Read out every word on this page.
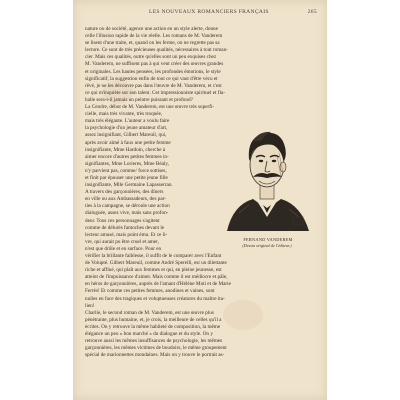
LES NOUVEAUX ROMANCIERS FRANÇAIS	265
nature ou de société, agence une action en un style alerte, donne
celle l'illusion rapide de la vie réelle. Les romans de M. Vanderem
se lisent d'une traite, et, quand on les ferme, on ne regrette pas sa
lecture. Ce sont de très précieuses qualités, nécessaires à tout roman-
cier. Mais ces qualités, outre qu'elles sont un peu exquises chez
M. Vanderem, ne suffisent pas à qui veut créer des œuvres grandes
et originales. Les hautes pensées, les profondes émotions, le style
significatif, la suggestion enfin de tout ce qui vaut d'être vécu et
rêvé, je ne les découvre pas dans l'œuvre de M. Vanderem, et c'est
ce qui m'inquiète sur son talent. Cet impressionniste spirituel et fla-
balle sera-t-il jamais un peintre puissant et profond?
La Cendre, début de M. Vanderem, est une œuvre très superfi-
cielle, mais très vivante, très troquée,
mais très élégante. L'auteur a voulu faire
la psychologie d'un jeune amateur d'art,
assez insignifiant, Gilbert Mareuil, qui,
après avoir aimé à faux une petite femme
insignifiante, Mme Hardoin, cherche à
aimer encore d'autres petites femmes in-
signifiantes, Mme Lorieres, Mme Béaly,
n'y parvient pas, comme/ force sottises,
et finit par épouser une petite jeune fille
insignifiante, Mlle Germaine Lapasserran.
A travers des garçonnières, des dîners
en ville ou aux Ambassadeurs, des par-
ties à la campagne, se déroule une action
dialoguée, assez vive, mais sans profon-
deur. Tous ces personnages s'agitent
comme de délurés fantoches devant le
lecteur amusé, mais point ému. Et ce li-
vre, qui aurait pu être cruel et amer,
n'est que drôle et en surface. Pour en
vérifier la brillante faiblesse, il suffit de le comparer avec l'Enfant
de Volupté. Gilbert Mareuil, comme André Sperelli, est un dilettante
riche et affiné, qui plaît aux femmes et qui, en pleine jeunesse, est
atteint de l'impuissance d'aimer. Mais comme il est médiocre et pâle,
en héros de garçonnières, auprès de l'amant d'Hélène Muti et de Marie
Ferrès! Et comme ces petites femmes, anodines et vaines, sont
nulles en face des tragiques et voluptueuses créatures du maître ita-
lien!
Charlie, le second roman de M. Vanderem, est une œuvre plus
pénétrante, plus humaine, et, je crois, la meilleure de celles qu'il a
écrites. On y retrouve la même habileté de composition, la même
élégance un peu « bon marché » du dialogue et du style. On y
retrouve aussi les mêmes insuffisances de psychologie, les mêmes
garçonnières, les mêmes victimes de boudoirs, le même groupement
spécial de marionnettes mondaines. Mais on y trouve le portrait as-
FERNAND VANDEREM
(Dessin original de l'éditeur.)
